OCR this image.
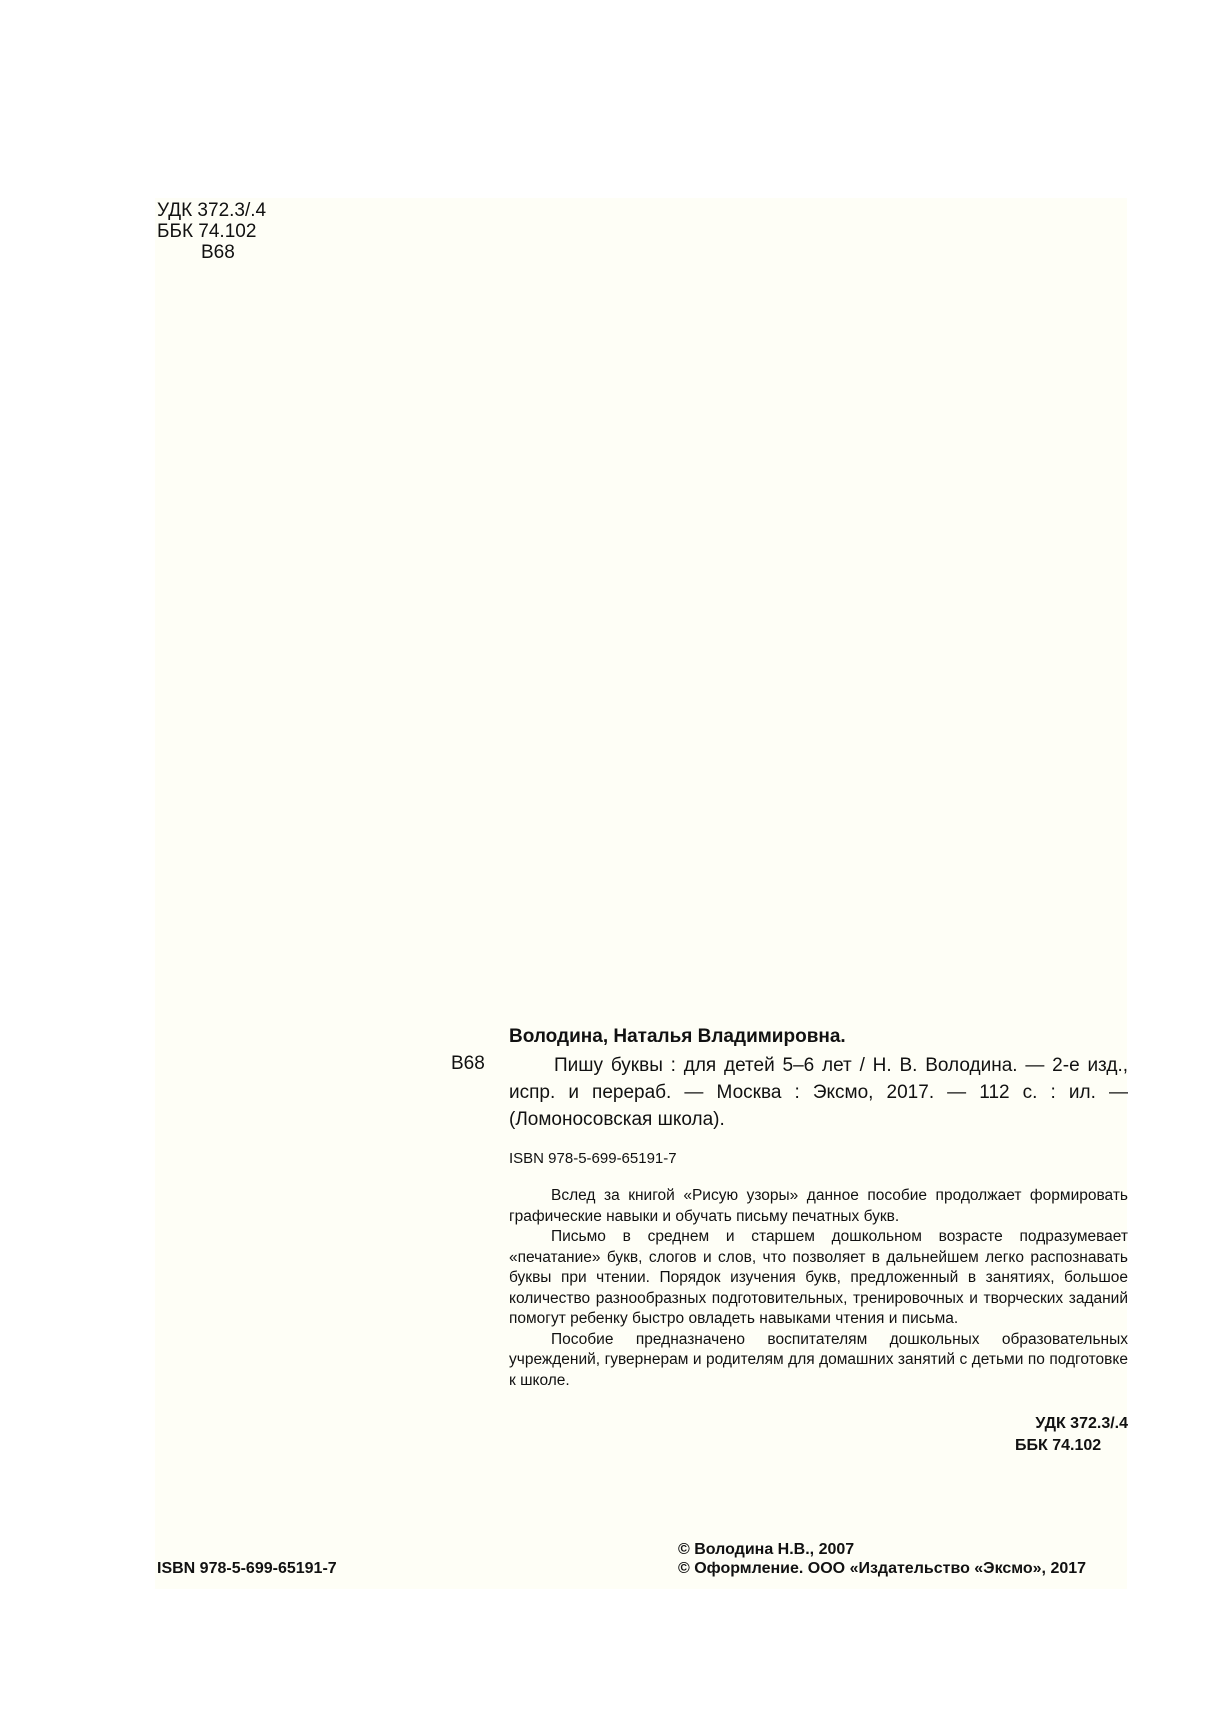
УДК 372.3/.4
ББК 74.102
В68
Володина, Наталья Владимировна.
В68	Пишу буквы : для детей 5–6 лет / Н. В. Володина. — 2-е изд., испр. и перераб. — Москва : Эксмо, 2017. — 112 с. : ил. — (Ломоносовская школа).
ISBN 978-5-699-65191-7

Вслед за книгой «Рисую узоры» данное пособие продолжает формировать графические навыки и обучать письму печатных букв.

Письмо в среднем и старшем дошкольном возрасте подразумевает «печатание» букв, слогов и слов, что позволяет в дальнейшем легко распознавать буквы при чтении. Порядок изучения букв, предложенный в занятиях, большое количество разнообразных подготовительных, тренировочных и творческих заданий помогут ребенку быстро овладеть навыками чтения и письма.

Пособие предназначено воспитателям дошкольных образовательных учреждений, гувернерам и родителям для домашних занятий с детьми по подготовке к школе.

УДК 372.3/.4
ББК 74.102
© Володина Н.В., 2007
© Оформление. ООО «Издательство «Эксмо», 2017
ISBN 978-5-699-65191-7
